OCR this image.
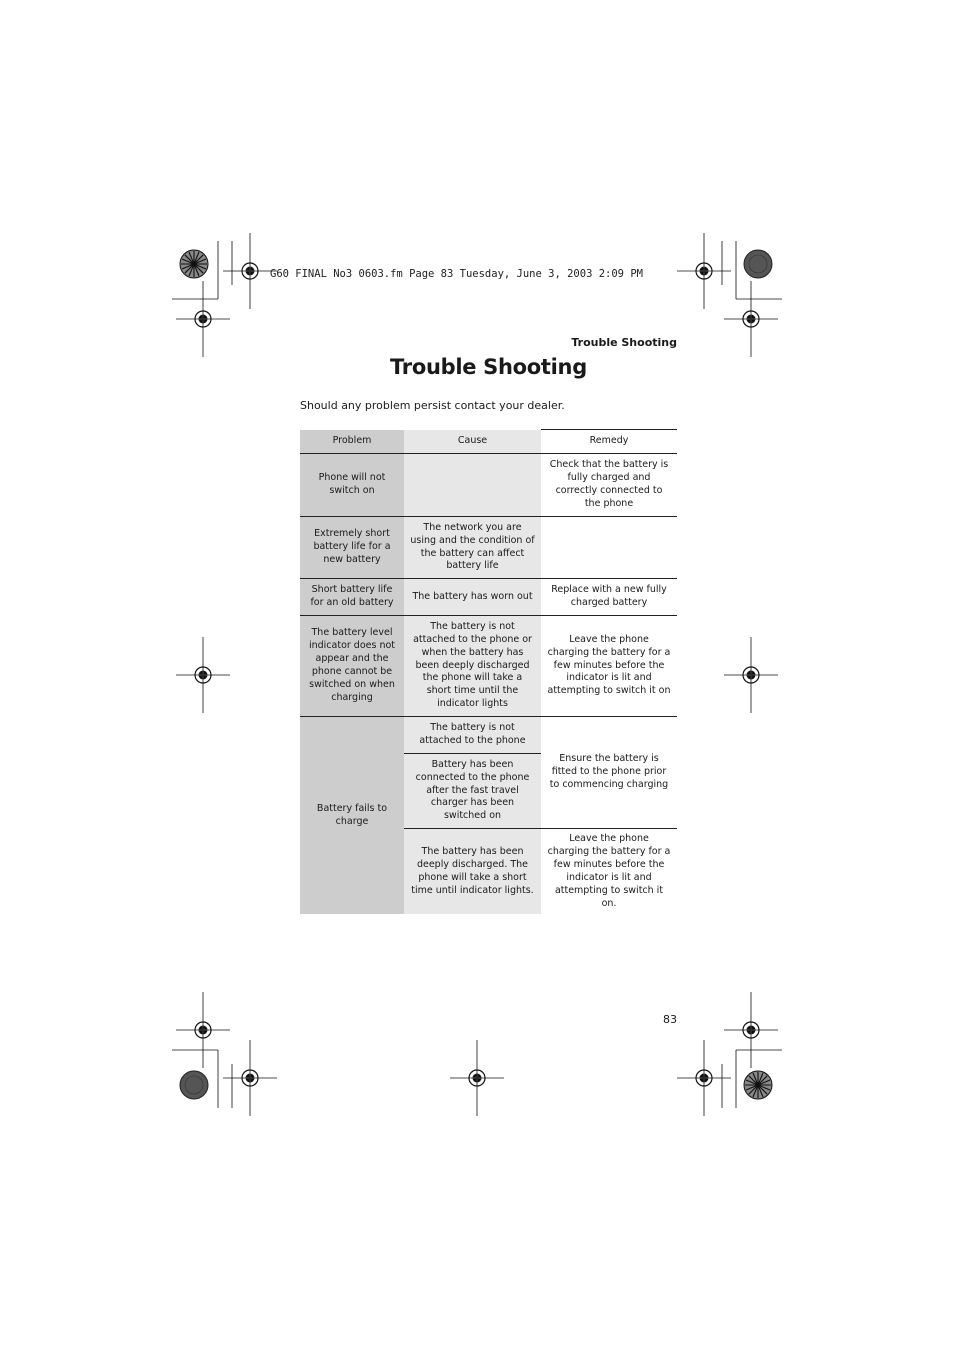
G60 FINAL No3 0603.fm Page 83 Tuesday, June 3, 2003 2:09 PM
Trouble Shooting
Trouble Shooting

Should any problem persist contact your dealer.

Problem	Cause	Remedy
Phone will not switch on		Check that the battery is fully charged and correctly connected to the phone
Extremely short battery life for a new battery	The network you are using and the condition of the battery can affect battery life	
Short battery life for an old battery	The battery has worn out	Replace with a new fully charged battery
The battery level indicator does not appear and the phone cannot be switched on when charging	The battery is not attached to the phone or when the battery has been deeply discharged the phone will take a short time until the indicator lights	Leave the phone charging the battery for a few minutes before the indicator is lit and attempting to switch it on
Battery fails to charge	The battery is not attached to the phone	Ensure the battery is fitted to the phone prior to commencing charging
	Battery has been connected to the phone after the fast travel charger has been switched on	
	The battery has been deeply discharged. The phone will take a short time until indicator lights.	Leave the phone charging the battery for a few minutes before the indicator is lit and attempting to switch it on.
83
